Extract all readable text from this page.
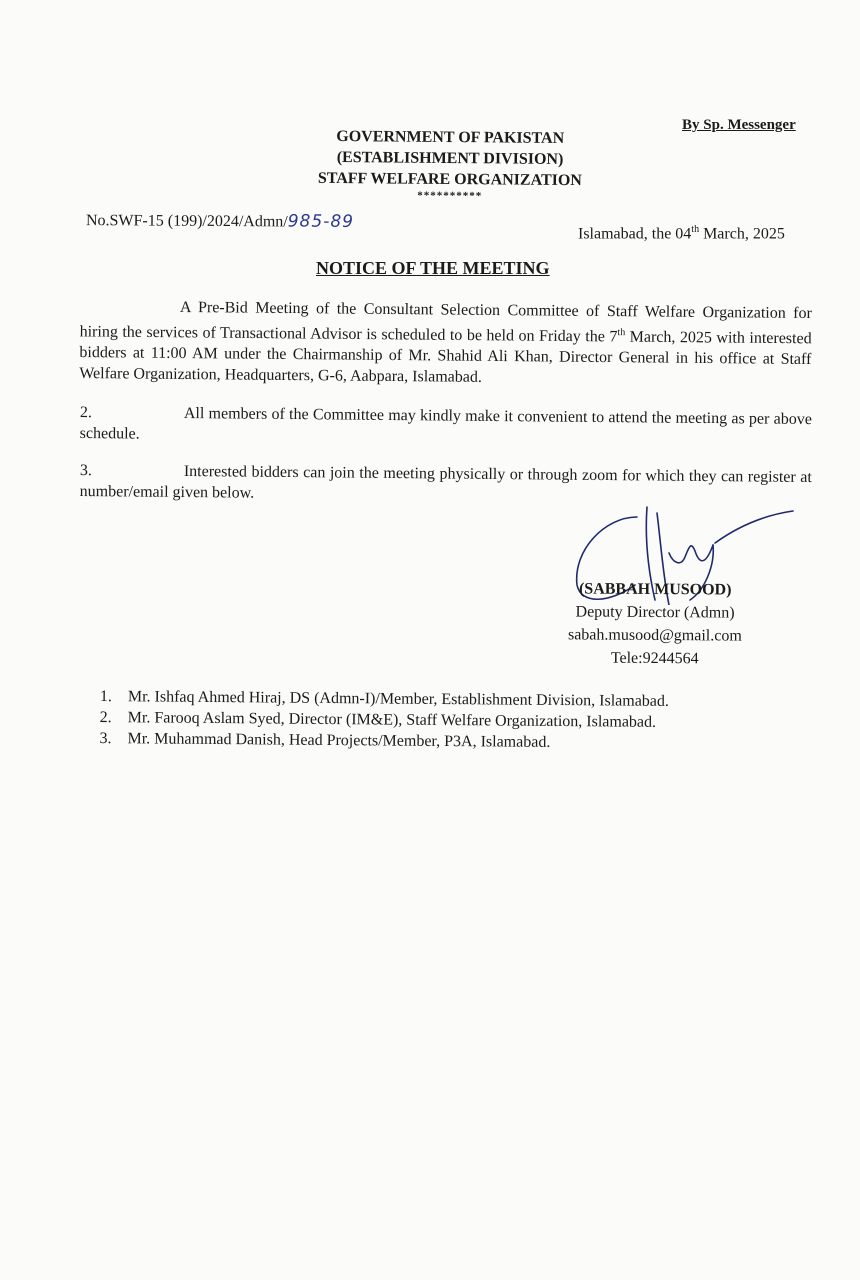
By Sp. Messenger
GOVERNMENT OF PAKISTAN
(ESTABLISHMENT DIVISION)
STAFF WELFARE ORGANIZATION
**********
No.SWF-15 (199)/2024/Admn/985-89
Islamabad, the 04th March, 2025
NOTICE OF THE MEETING
A Pre-Bid Meeting of the Consultant Selection Committee of Staff Welfare Organization for hiring the services of Transactional Advisor is scheduled to be held on Friday the 7th March, 2025 with interested bidders at 11:00 AM under the Chairmanship of Mr. Shahid Ali Khan, Director General in his office at Staff Welfare Organization, Headquarters, G-6, Aabpara, Islamabad.
2.	All members of the Committee may kindly make it convenient to attend the meeting as per above schedule.
3.	Interested bidders can join the meeting physically or through zoom for which they can register at number/email given below.
(SABBAH MUSOOD)
Deputy Director (Admn)
sabah.musood@gmail.com
Tele:9244564
1. Mr. Ishfaq Ahmed Hiraj, DS (Admn-I)/Member, Establishment Division, Islamabad.
2. Mr. Farooq Aslam Syed, Director (IM&E), Staff Welfare Organization, Islamabad.
3. Mr. Muhammad Danish, Head Projects/Member, P3A, Islamabad.
